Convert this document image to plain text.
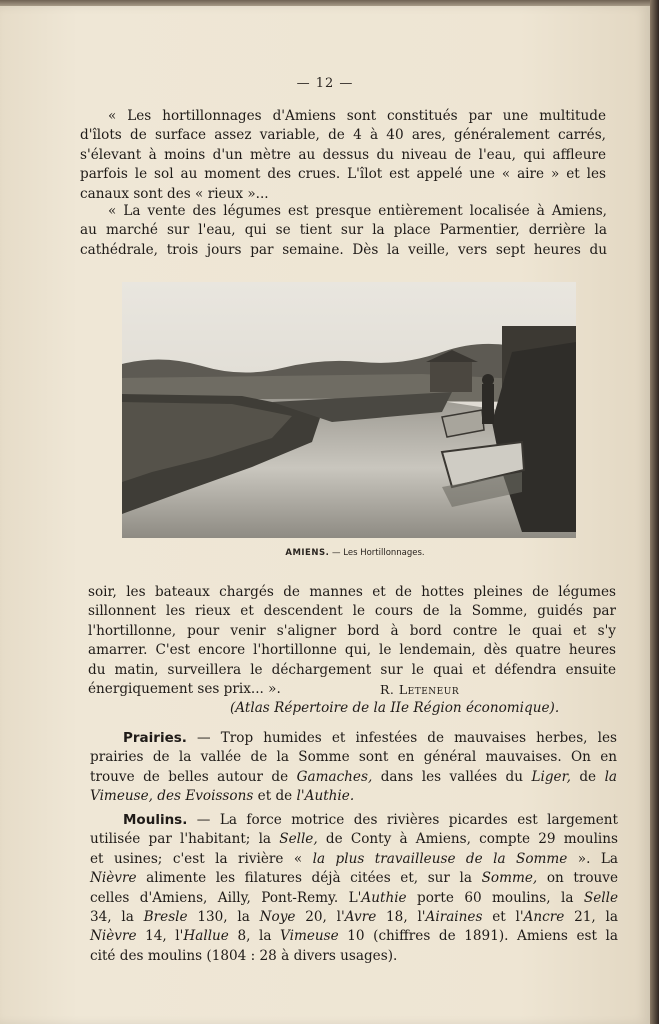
— 12 —
« Les hortillonnages d'Amiens sont constitués par une multitude
d'îlots de surface assez variable, de 4 à 40 ares, généralement carrés,
s'élevant à moins d'un mètre au dessus du niveau de l'eau, qui affleure
parfois le sol au moment des crues. L'îlot est appelé une « aire » et les
canaux sont des « rieux »...
« La vente des légumes est presque entièrement localisée à Amiens,
au marché sur l'eau, qui se tient sur la place Parmentier, derrière la
cathédrale, trois jours par semaine. Dès la veille, vers sept heures du
AMIENS. — Les Hortillonnages.
soir, les bateaux chargés de mannes et de hottes pleines de légumes
sillonnent les rieux et descendent le cours de la Somme, guidés par
l'hortillonne, pour venir s'aligner bord à bord contre le quai et s'y
amarrer. C'est encore l'hortillonne qui, le lendemain, dès quatre heures
du matin, surveillera le déchargement sur le quai et défendra ensuite
énergiquement ses prix... ».	R. Leteneur
(Atlas Répertoire de la IIe Région économique).
Prairies. — Trop humides et infestées de mauvaises herbes, les
prairies de la vallée de la Somme sont en général mauvaises. On en
trouve de belles autour de Gamaches, dans les vallées du Liger, de la
Vimeuse, des Evoissons et de l'Authie.
Moulins. — La force motrice des rivières picardes est largement
utilisée par l'habitant; la Selle, de Conty à Amiens, compte 29 moulins
et usines; c'est la rivière « la plus travailleuse de la Somme ». La
Nièvre alimente les filatures déjà citées et, sur la Somme, on trouve
celles d'Amiens, Ailly, Pont-Remy. L'Authie porte 60 moulins, la Selle
34, la Bresle 130, la Noye 20, l'Avre 18, l'Airaines et l'Ancre 21, la
Nièvre 14, l'Hallue 8, la Vimeuse 10 (chiffres de 1891). Amiens est la
cité des moulins (1804 : 28 à divers usages).
